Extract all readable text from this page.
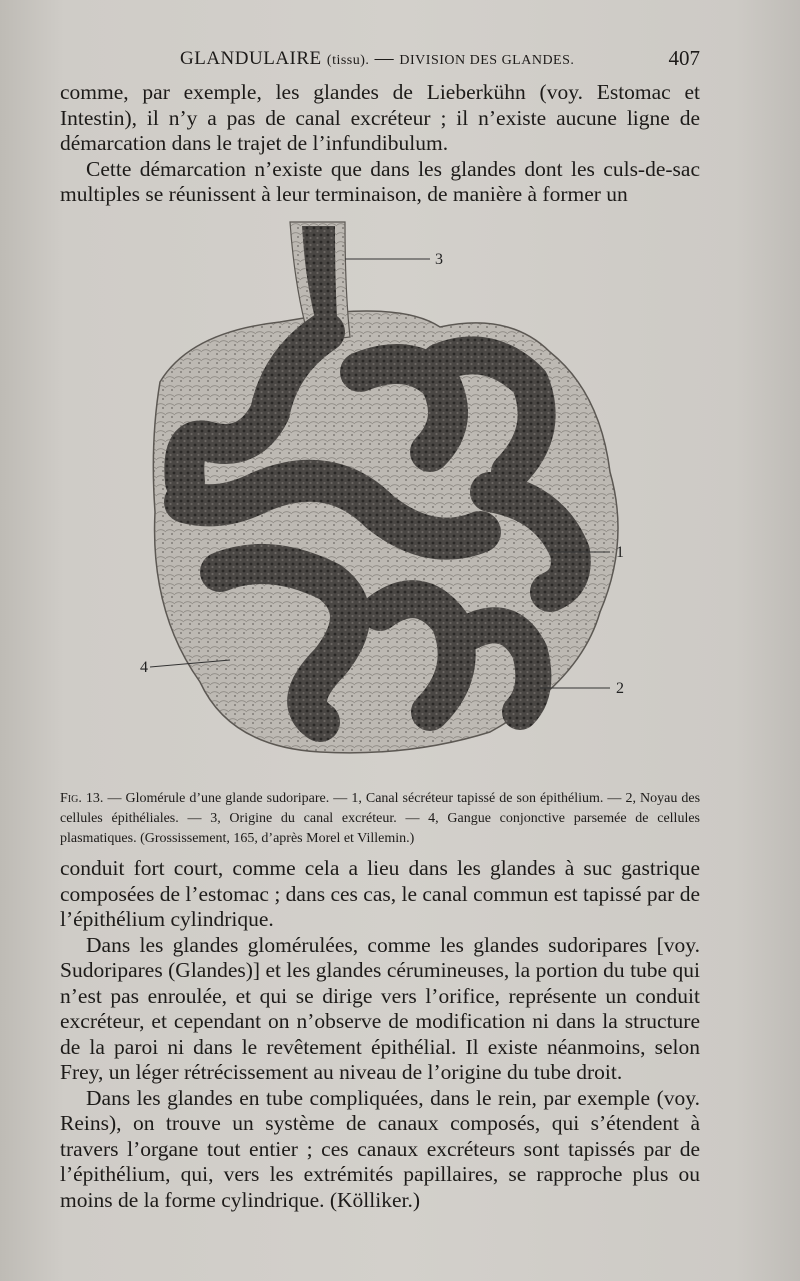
GLANDULAIRE (tissu). — DIVISION DES GLANDES.	407

comme, par exemple, les glandes de Lieberkühn (voy. Estomac et Intestin), il n’y a pas de canal excréteur ; il n’existe aucune ligne de démarcation dans le trajet de l’infundibulum.

Cette démarcation n’existe que dans les glandes dont les culs-de-sac multiples se réunissent à leur terminaison, de manière à former un

3
1
2
4
Fig. 13. — Glomérule d’une glande sudoripare. — 1, Canal sécréteur tapissé de son épithélium. — 2, Noyau des cellules épithéliales. — 3, Origine du canal excréteur. — 4, Gangue conjonctive parsemée de cellules plasmatiques. (Grossissement, 165, d’après Morel et Villemin.)

conduit fort court, comme cela a lieu dans les glandes à suc gastrique composées de l’estomac ; dans ces cas, le canal commun est tapissé par de l’épithélium cylindrique.

Dans les glandes glomérulées, comme les glandes sudoripares [voy. Sudoripares (Glandes)] et les glandes cérumineuses, la portion du tube qui n’est pas enroulée, et qui se dirige vers l’orifice, représente un conduit excréteur, et cependant on n’observe de modification ni dans la structure de la paroi ni dans le revêtement épithélial. Il existe néanmoins, selon Frey, un léger rétrécissement au niveau de l’origine du tube droit.

Dans les glandes en tube compliquées, dans le rein, par exemple (voy. Reins), on trouve un système de canaux composés, qui s’étendent à travers l’organe tout entier ; ces canaux excréteurs sont tapissés par de l’épithélium, qui, vers les extrémités papillaires, se rapproche plus ou moins de la forme cylindrique. (Kölliker.)
